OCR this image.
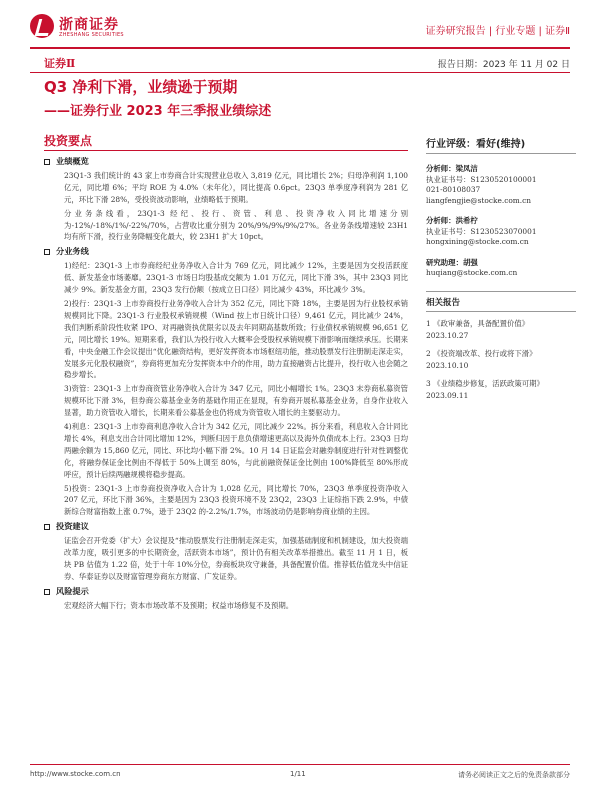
浙商证券
ZHESHANG SECURITIES	证券研究报告 | 行业专题 | 证券Ⅱ
证券Ⅱ	报告日期：2023 年 11 月 02 日
Q3 净利下滑，业绩逊于预期
——证券行业 2023 年三季报业绩综述
投资要点
业绩概览
23Q1-3 我们统计的 43 家上市券商合计实现营业总收入 3,819 亿元，同比增长 2%；归母净利润 1,100 亿元，同比增 6%；平均 ROE 为 4.0%（未年化），同比提高 0.6pct。23Q3 单季度净利润为 281 亿元，环比下滑 28%，受投资波动影响，业绩略低于预期。
分业务条线看，23Q1-3 经纪、投行、资管、利息、投资净收入同比增速分别为-12%/-18%/1%/-22%/70%，占营收比重分别为 20%/9%/9%/9%/27%。各业务条线增速较 23H1 均有所下滑，投行业务降幅变化最大，较 23H1 扩大 10pct。
分业务线
1)经纪：23Q1-3 上市券商经纪业务净收入合计为 769 亿元，同比减少 12%，主要是因为交投活跃度低、新发基金市场萎靡。23Q1-3 市场日均股基成交额为 1.01 万亿元，同比下滑 3%，其中 23Q3 同比减少 9%。新发基金方面，23Q3 发行份额（按成立日口径）同比减少 43%，环比减少 3%。
2)投行：23Q1-3 上市券商投行业务净收入合计为 352 亿元，同比下降 18%，主要是因为行业股权承销规模同比下降。23Q1-3 行业股权承销规模（Wind 按上市日统计口径）9,461 亿元，同比减少 24%，我们判断系阶段性收紧 IPO、对再融资执优限劣以及去年同期高基数所致；行业债权承销规模 96,651 亿元，同比增长 19%。短期来看，我们认为投行收入大概率会受股权承销规模下滑影响而继续承压。长期来看，中央金融工作会议提出“优化融资结构，更好发挥资本市场枢纽功能，推动股票发行注册制走深走实，发展多元化股权融资”，券商将更加充分发挥资本中介的作用，助力直接融资占比提升，投行收入也会随之稳步增长。
3)资管：23Q1-3 上市券商资管业务净收入合计为 347 亿元，同比小幅增长 1%。23Q3 末券商私募资管规模环比下滑 3%，但券商公募基金业务的基础作用正在显现，有券商开展私募基金业务，自身作业收入显著，助力资管收入增长，长期来看公募基金也仍将成为资管收入增长的主要驱动力。
4)利息：23Q1-3 上市券商利息净收入合计为 342 亿元，同比减少 22%。拆分来看，利息收入合计同比增长 4%，利息支出合计同比增加 12%，判断归因于息负债增速更高以及海外负债成本上行。23Q3 日均两融余额为 15,860 亿元，同比、环比均小幅下滑 2%。10 月 14 日证监会对融券制度进行针对性调整优化，将融券保证金比例由不得低于 50%上调至 80%，与此前融资保证金比例由 100%降低至 80%形成呼应，预计后续两融规模将稳步提高。
5)投资：23Q1-3 上市券商投资净收入合计为 1,028 亿元，同比增长 70%，23Q3 单季度投资净收入 207 亿元，环比下滑 36%，主要是因为 23Q3 投资环境不及 23Q2，23Q3 上证综指下跌 2.9%，中债新综合财富指数上涨 0.7%，逊于 23Q2 的-2.2%/1.7%，市场波动仍是影响券商业绩的主因。
投资建议
证监会召开党委（扩大）会议提及“推动股票发行注册制走深走实，加强基础制度和机制建设，加大投资端改革力度，吸引更多的中长期资金，活跃资本市场”，预计仍有相关改革举措推出。截至 11 月 1 日，板块 PB 估值为 1.22 倍，处于十年 10%分位，券商板块攻守兼备，具备配置价值。推荐低估值龙头中信证券、华泰证券以及财富管理券商东方财富、广发证券。
风险提示
宏观经济大幅下行；资本市场改革不及预期；权益市场修复不及预期。
行业评级：看好(维持)
分析师：梁凤洁
执业证书号：S1230520100001
021-80108037
liangfengjie@stocke.com.cn
分析师：洪希柠
执业证书号：S1230523070001
hongxining@stocke.com.cn
研究助理：胡强
huqiang@stocke.com.cn
相关报告
1 《政审兼备，具备配置价值》
2023.10.27
2 《投资端改革、投行或将下滑》
2023.10.10
3 《业绩稳步修复，活跃政策可期》
2023.09.11
http://www.stocke.com.cn	1/11	请务必阅读正文之后的免责条款部分
